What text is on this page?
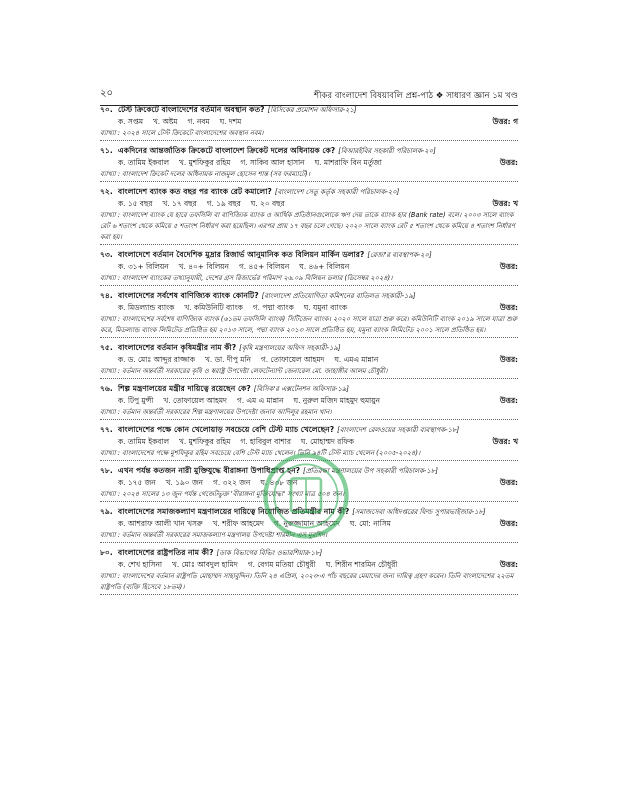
২০	শীকর বাংলাদেশ বিষয়াবলি প্রশ্ন-পাঠ ❖ সাধারণ জ্ঞান ১ম খণ্ড
৭০. টেস্ট ক্রিকেটে বাংলাদেশের বর্তমান অবস্থান কত? [বিসিকের প্রমোশন অফিসার-২১]
ক. সপ্তম খ. অষ্টম গ. নবম ঘ. দশম	উত্তর: গ
ব্যাখ্যা : ২০২৪ সালে টেস্ট ক্রিকেটে বাংলাদেশের অবস্থান নবম।
৭১. একদিনের আন্তর্জাতিক ক্রিকেটে বাংলাদেশ ক্রিকেট দলের অধিনায়ক কে? [বিআরইবির সহকারী পরিচালক-২০]
ক. তামিম ইকবাল খ. মুশফিকুর রহিম গ. সাকিব আল হাসান ঘ. মাশরাফি বিন মর্তুজা	উত্তর:
ব্যাখ্যা : বাংলাদেশ ক্রিকেট দলের অধিনায়ক নাজমুল হোসেন শান্ত (সব ফরম্যাটে)।
৭২. বাংলাদেশ ব্যাংক কত বছর পর ব্যাংক রেট কমালো? [বাংলাদেশ সেতু কর্তৃক সহকারী পরিচালক-২০]
ক. ১৫ বছর খ. ১৭ বছর গ. ১৯ বছর ঘ. ২০ বছর	উত্তর: খ
ব্যাখ্যা : বাংলাদেশ ব্যাংক যে হারে তফসিলি বা বাণিজ্যিক ব্যাংক ও আর্থিক প্রতিষ্ঠানগুলোকে ঋণ দেয় তাকে ব্যাংক হার (Bank rate) বলে। ২০০৩ সালে ব্যাংক রেট ৬ শতাংশ থেকে কমিয়ে ৫ শতাংশ নির্ধারণ করা হয়েছিল। এরপর প্রায় ১৭ বছর চলে গেছে। ২০২০ সালে ব্যাংক রেট ৫ শতাংশ থেকে কমিয়ে ৪ শতাংশ নির্ধারণ করা হয়।
৭৩. বাংলাদেশে বর্তমান বৈদেশিক মুদ্রার রিজার্ভ আনুমানিক কত বিলিয়ন মার্কিন ডলার? [রেজা'র ব্যবস্থাপক-২০]
ক. ৩১+ বিলিয়ন খ. ৪০+ বিলিয়ন গ. ৪৫+ বিলিয়ন ঘ. ৪৬+ বিলিয়ন	উত্তর:
ব্যাখ্যা : বাংলাদেশ ব্যাংকের তথ্যানুযায়ী, দেশের গ্রস রিজার্ভের পরিমাণ ২৬.০৯ বিলিয়ন ডলার (ডিসেম্বর ২০২৪)।
৭৪. বাংলাদেশের সর্বশেষ বাণিজ্যিক ব্যাংক কোনটি? [বাংলাদেশ প্রতিযোগিতা কমিশনের বাতিলত সহকারী-১৯]
ক. মিডল্যান্ড ব্যাংক খ. কমিউনিটি ব্যাংক গ. পদ্মা ব্যাংক ঘ. যমুনা ব্যাংক	উত্তর:
ব্যাখ্যা : বাংলাদেশের সর্বশেষ বাণিজ্যিক ব্যাংক (৬১তম তফসিলি ব্যাংক) সিটিজেন ব্যাংক। ২০২০ সালে যাত্রা শুরু করে। কমিউনিটি ব্যাংক ২০১৯ সালে যাত্রা শুরু করে, মিডল্যান্ড ব্যাংক লিমিটেড প্রতিষ্ঠিত হয় ২০১৩ সালে, পদ্মা ব্যাংক ২০১৩ সালে প্রতিষ্ঠিত হয়, যমুনা ব্যাংক লিমিটেড ২০০১ সালে প্রতিষ্ঠিত হয়।
৭৫. বাংলাদেশের বর্তমান কৃষিমন্ত্রীর নাম কী? [কৃষি মন্ত্রণালয়ের অফিস সহকারী-১৯]
ক. ড. মোঃ আব্দুর রাজ্জাক খ. ডা. দীপু মনি গ. তোফায়েল আহমদ ঘ. এমএ মান্নান	উত্তর:
ব্যাখ্যা : বর্তমান অন্তর্বর্তী সরকারের কৃষি ও স্বরাষ্ট্র উপদেষ্টা লেফটেন্যান্ট জেনারেল মো. জাহাঙ্গীর আলম চৌধুরী।
৭৬. শিল্প মন্ত্রণালয়ের মন্ত্রীর দায়িত্বে রয়েছেন কে? [বিসিক'র এক্সটেনশন অফিসার-১৯]
ক. টিপু মুন্সী খ. তোফায়েল আহমদ গ. এম এ মান্নান ঘ. নুরুল মজিদ মাহমুদ হুমায়ুন	উত্তর:
ব্যাখ্যা : বর্তমান অন্তর্বর্তী সরকারের শিল্প মন্ত্রণালয়ের উপদেষ্টা জনাব আদিলুর রহমান খান।
৭৭. বাংলাদেশের পক্ষে কোন খেলোয়াড় সবচেয়ে বেশি টেস্ট ম্যাচ খেলেছেন? [বাংলাদেশ রেলওয়ের সহকারী ব্যবস্থাপক-১৮]
ক. তামিম ইকবাল খ. মুশফিকুর রহিম গ. হাবিবুল বাশার ঘ. মোহাম্মদ রফিক	উত্তর: খ
ব্যাখ্যা : বাংলাদেশের পক্ষে মুশফিকুর রহিম সবচেয়ে বেশি টেস্ট ম্যাচ খেলেন। তিনি ৯৪টি টেস্ট ম্যাচ খেলেন (২০০৫-২০২৪)।
৭৮. এখন পর্যন্ত কতজন নারী মুক্তিযুদ্ধে বীরাঙ্গনা উপাধিপ্রাপ্ত হন? [প্রতিরক্ষা মন্ত্রণালয়ের উপ সহকারী পরিচালক-১৮]
ক. ১৭৫ জন খ. ১৯০ জন গ. ৩২২ জন ঘ. ৪৩৮ জন	উত্তর:
ব্যাখ্যা : ২০২৪ সালের ১৩ জুন পর্যন্ত গেজেটভুক্ত 'বীরাঙ্গনা মুক্তিযোদ্ধা' সংখ্যা মাত্র ৫০৪ জন।
৭৯. বাংলাদেশের সমাজকল্যাণ মন্ত্রণালয়ের দায়িত্বে নিয়োজিত প্রতিমন্ত্রীর নাম কী? [সমাজসেবা অধিদপ্তরের ফিল্ড সুপারভাইজার-১৮]
ক. আশরাফ আলী খান খসরু খ. শরীফ আহমেদ গ. নুরুজ্জামান আহমেদ ঘ. মো: নাসিম	উত্তর:
ব্যাখ্যা : বর্তমান অন্তর্বর্তী সরকারের সমাজকল্যাণ মন্ত্রণালয় উপদেষ্টা শারমীন এস মুরশিদ।
৮০. বাংলাদেশের রাষ্ট্রপতির নাম কী? [ডাক বিভাগের বিভিং ওভারশিয়ার-১৮]
ক. শেখ হাসিনা খ. মোঃ আবদুল হামিদ গ. বেগম মতিয়া চৌধুরী ঘ. শিরীন শারমিন চৌধুরী	উত্তর:
ব্যাখ্যা : বাংলাদেশের বর্তমান রাষ্ট্রপতি মোহাম্মদ সাহাবুদ্দিন। তিনি ২৪ এপ্রিল, ২০২৩-এ পাঁচ বছরের মেয়াদের জন্য দায়িত্ব গ্রহণ করেন। তিনি বাংলাদেশের ২২তম রাষ্ট্রপতি (ব্যক্তি হিসেবে ১৮তম)।
